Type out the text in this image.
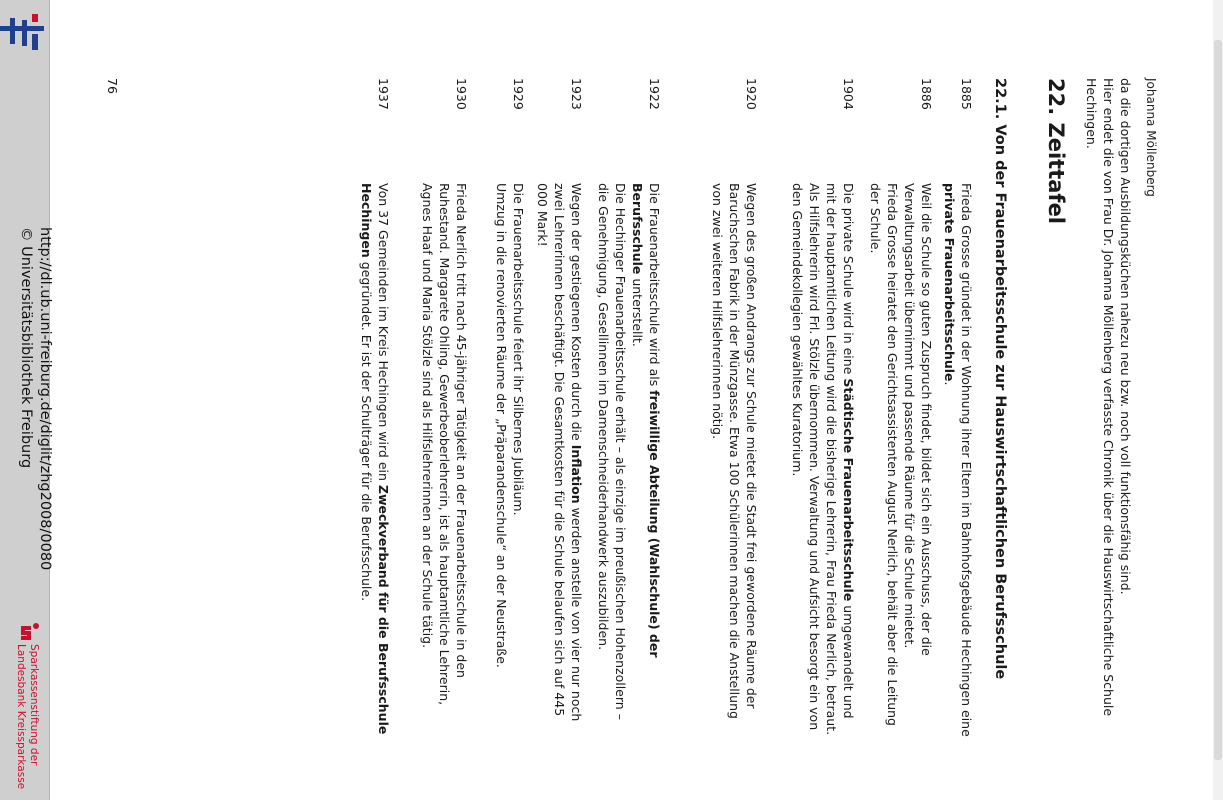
http://dl.ub.uni-freiburg.de/diglit/zhg2008/0080
© Universitätsbibliothek Freiburg
Sparkassenstiftung der
Landesbank Kreissparkasse
Johanna Möllenberg

da die dortigen Ausbildungsküchen nahezu neu bzw. noch voll funktionsfähig sind.

Hier endet die von Frau Dr. Johanna Möllenberg verfasste Chronik über die Hauswirtschaftliche Schule Hechingen.

22. Zeittafel
22.1. Von der Frauenarbeitsschule zur Hauswirtschaftlichen Berufsschule
1885

Frieda Grosse gründet in der Wohnung ihrer Eltern im Bahnhofsgebäude Hechingen eine private Frauenarbeitsschule.

1886

Weil die Schule so guten Zuspruch findet, bildet sich ein Ausschuss, der die Verwaltungsarbeit übernimmt und passende Räume für die Schule mietet.

Frieda Grosse heiratet den Gerichtsassistenten August Nerlich, behält aber die Leitung der Schule.

1904

Die private Schule wird in eine Städtische Frauenarbeitsschule umgewandelt und mit der hauptamtlichen Leitung wird die bisherige Lehrerin, Frau Frieda Nerlich, betraut. Als Hilfslehrerin wird Frl. Stölzle übernommen. Verwaltung und Aufsicht besorgt ein von den Gemeindekollegien gewähltes Kuratorium.

1920

Wegen des großen Andrangs zur Schule mietet die Stadt frei gewordene Räume der Baruchschen Fabrik in der Münzgasse. Etwa 100 Schülerinnen machen die Anstellung von zwei weiteren Hilfslehrerinnen nötig.

1922

Die Frauenarbeitsschule wird als freiwillige Abteilung (Wahlschule) der Berufsschule unterstellt.

Die Hechinger Frauenarbeitsschule erhält – als einzige im preußischen Hohenzollern – die Genehmigung, Gesellinnen im Damenschneiderhandwerk auszubilden.

1923

Wegen der gestiegenen Kosten durch die Inflation werden anstelle von vier nur noch zwei Lehrerinnen beschäftigt. Die Gesamtkosten für die Schule belaufen sich auf 445 000 Mark!

1929

Die Frauenarbeitsschule feiert ihr Silbernes Jubiläum.

Umzug in die renovierten Räume der „Präparandenschule“ an der Neustraße.

1930

Frieda Nerlich tritt nach 45-jähriger Tätigkeit an der Frauenarbeitsschule in den Ruhestand. Margarete Ohling, Gewerbeoberlehrerin, ist als hauptamtliche Lehrerin, Agnes Haaf und Maria Stölzle sind als Hilfslehrerinnen an der Schule tätig.

1937

Von 37 Gemeinden im Kreis Hechingen wird ein Zweckverband für die Berufsschule Hechingen gegründet. Er ist der Schulträger für die Berufsschule.

76
